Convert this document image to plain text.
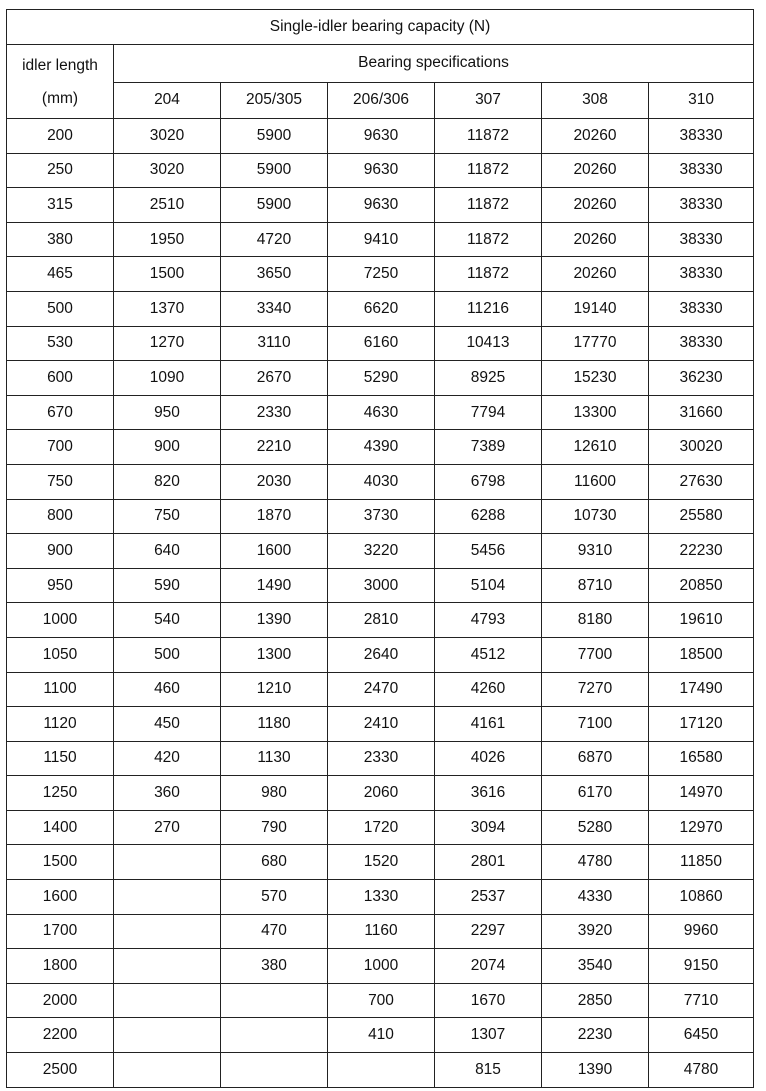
Single-idler bearing capacity (N)						
idler length	Bearing specifications					
(mm)	204	205/305	206/306	307	308	310
200	3020	5900	9630	11872	20260	38330
250	3020	5900	9630	11872	20260	38330
315	2510	5900	9630	11872	20260	38330
380	1950	4720	9410	11872	20260	38330
465	1500	3650	7250	11872	20260	38330
500	1370	3340	6620	11216	19140	38330
530	1270	3110	6160	10413	17770	38330
600	1090	2670	5290	8925	15230	36230
670	950	2330	4630	7794	13300	31660
700	900	2210	4390	7389	12610	30020
750	820	2030	4030	6798	11600	27630
800	750	1870	3730	6288	10730	25580
900	640	1600	3220	5456	9310	22230
950	590	1490	3000	5104	8710	20850
1000	540	1390	2810	4793	8180	19610
1050	500	1300	2640	4512	7700	18500
1100	460	1210	2470	4260	7270	17490
1120	450	1180	2410	4161	7100	17120
1150	420	1130	2330	4026	6870	16580
1250	360	980	2060	3616	6170	14970
1400	270	790	1720	3094	5280	12970
1500		680	1520	2801	4780	11850
1600		570	1330	2537	4330	10860
1700		470	1160	2297	3920	9960
1800		380	1000	2074	3540	9150
2000			700	1670	2850	7710
2200			410	1307	2230	6450
2500				815	1390	4780
